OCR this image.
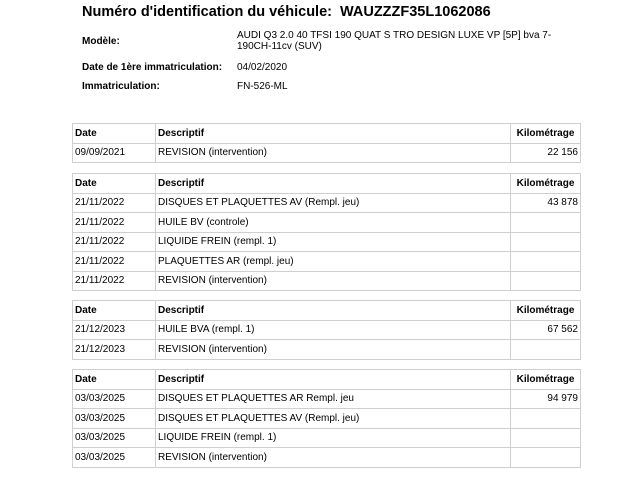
Numéro d'identification du véhicule: WAUZZZF35L1062086
Modèle:
AUDI Q3 2.0 40 TFSI 190 QUAT S TRO DESIGN LUXE VP [5P] bva 7-190CH-11cv (SUV)
Date de 1ère immatriculation: 04/02/2020
Immatriculation:	FN-526-ML
Date	Descriptif	Kilométrage
09/09/2021	REVISION (intervention)	22 156
Date	Descriptif	Kilométrage
21/11/2022	DISQUES ET PLAQUETTES AV (Rempl. jeu)	43 878
21/11/2022	HUILE BV (controle)	
21/11/2022	LIQUIDE FREIN (rempl. 1)	
21/11/2022	PLAQUETTES AR (rempl. jeu)	
21/11/2022	REVISION (intervention)	
Date	Descriptif	Kilométrage
21/12/2023	HUILE BVA (rempl. 1)	67 562
21/12/2023	REVISION (intervention)	
Date	Descriptif	Kilométrage
03/03/2025	DISQUES ET PLAQUETTES AR Rempl. jeu	94 979
03/03/2025	DISQUES ET PLAQUETTES AV (Rempl. jeu)	
03/03/2025	LIQUIDE FREIN (rempl. 1)	
03/03/2025	REVISION (intervention)	
